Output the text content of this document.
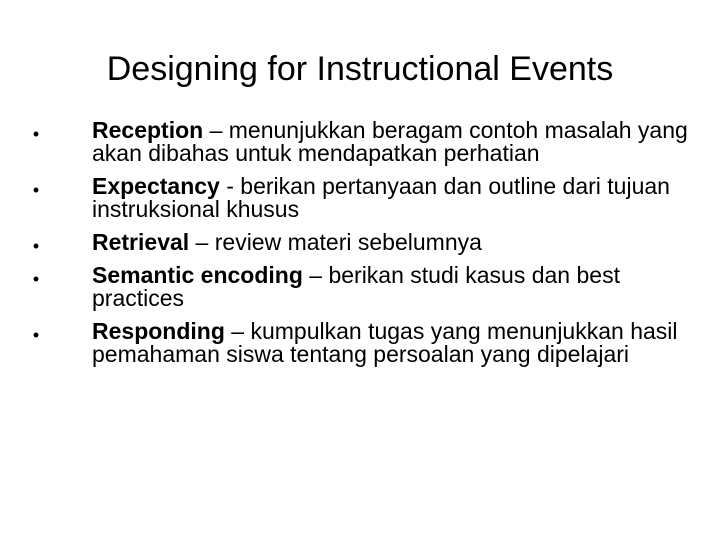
Designing for Instructional Events
• Reception – menunjukkan beragam contoh masalah yang akan dibahas untuk mendapatkan perhatian
• Expectancy - berikan pertanyaan dan outline dari tujuan instruksional khusus
• Retrieval – review materi sebelumnya
• Semantic encoding – berikan studi kasus dan best practices
• Responding – kumpulkan tugas yang menunjukkan hasil pemahaman siswa tentang persoalan yang dipelajari
